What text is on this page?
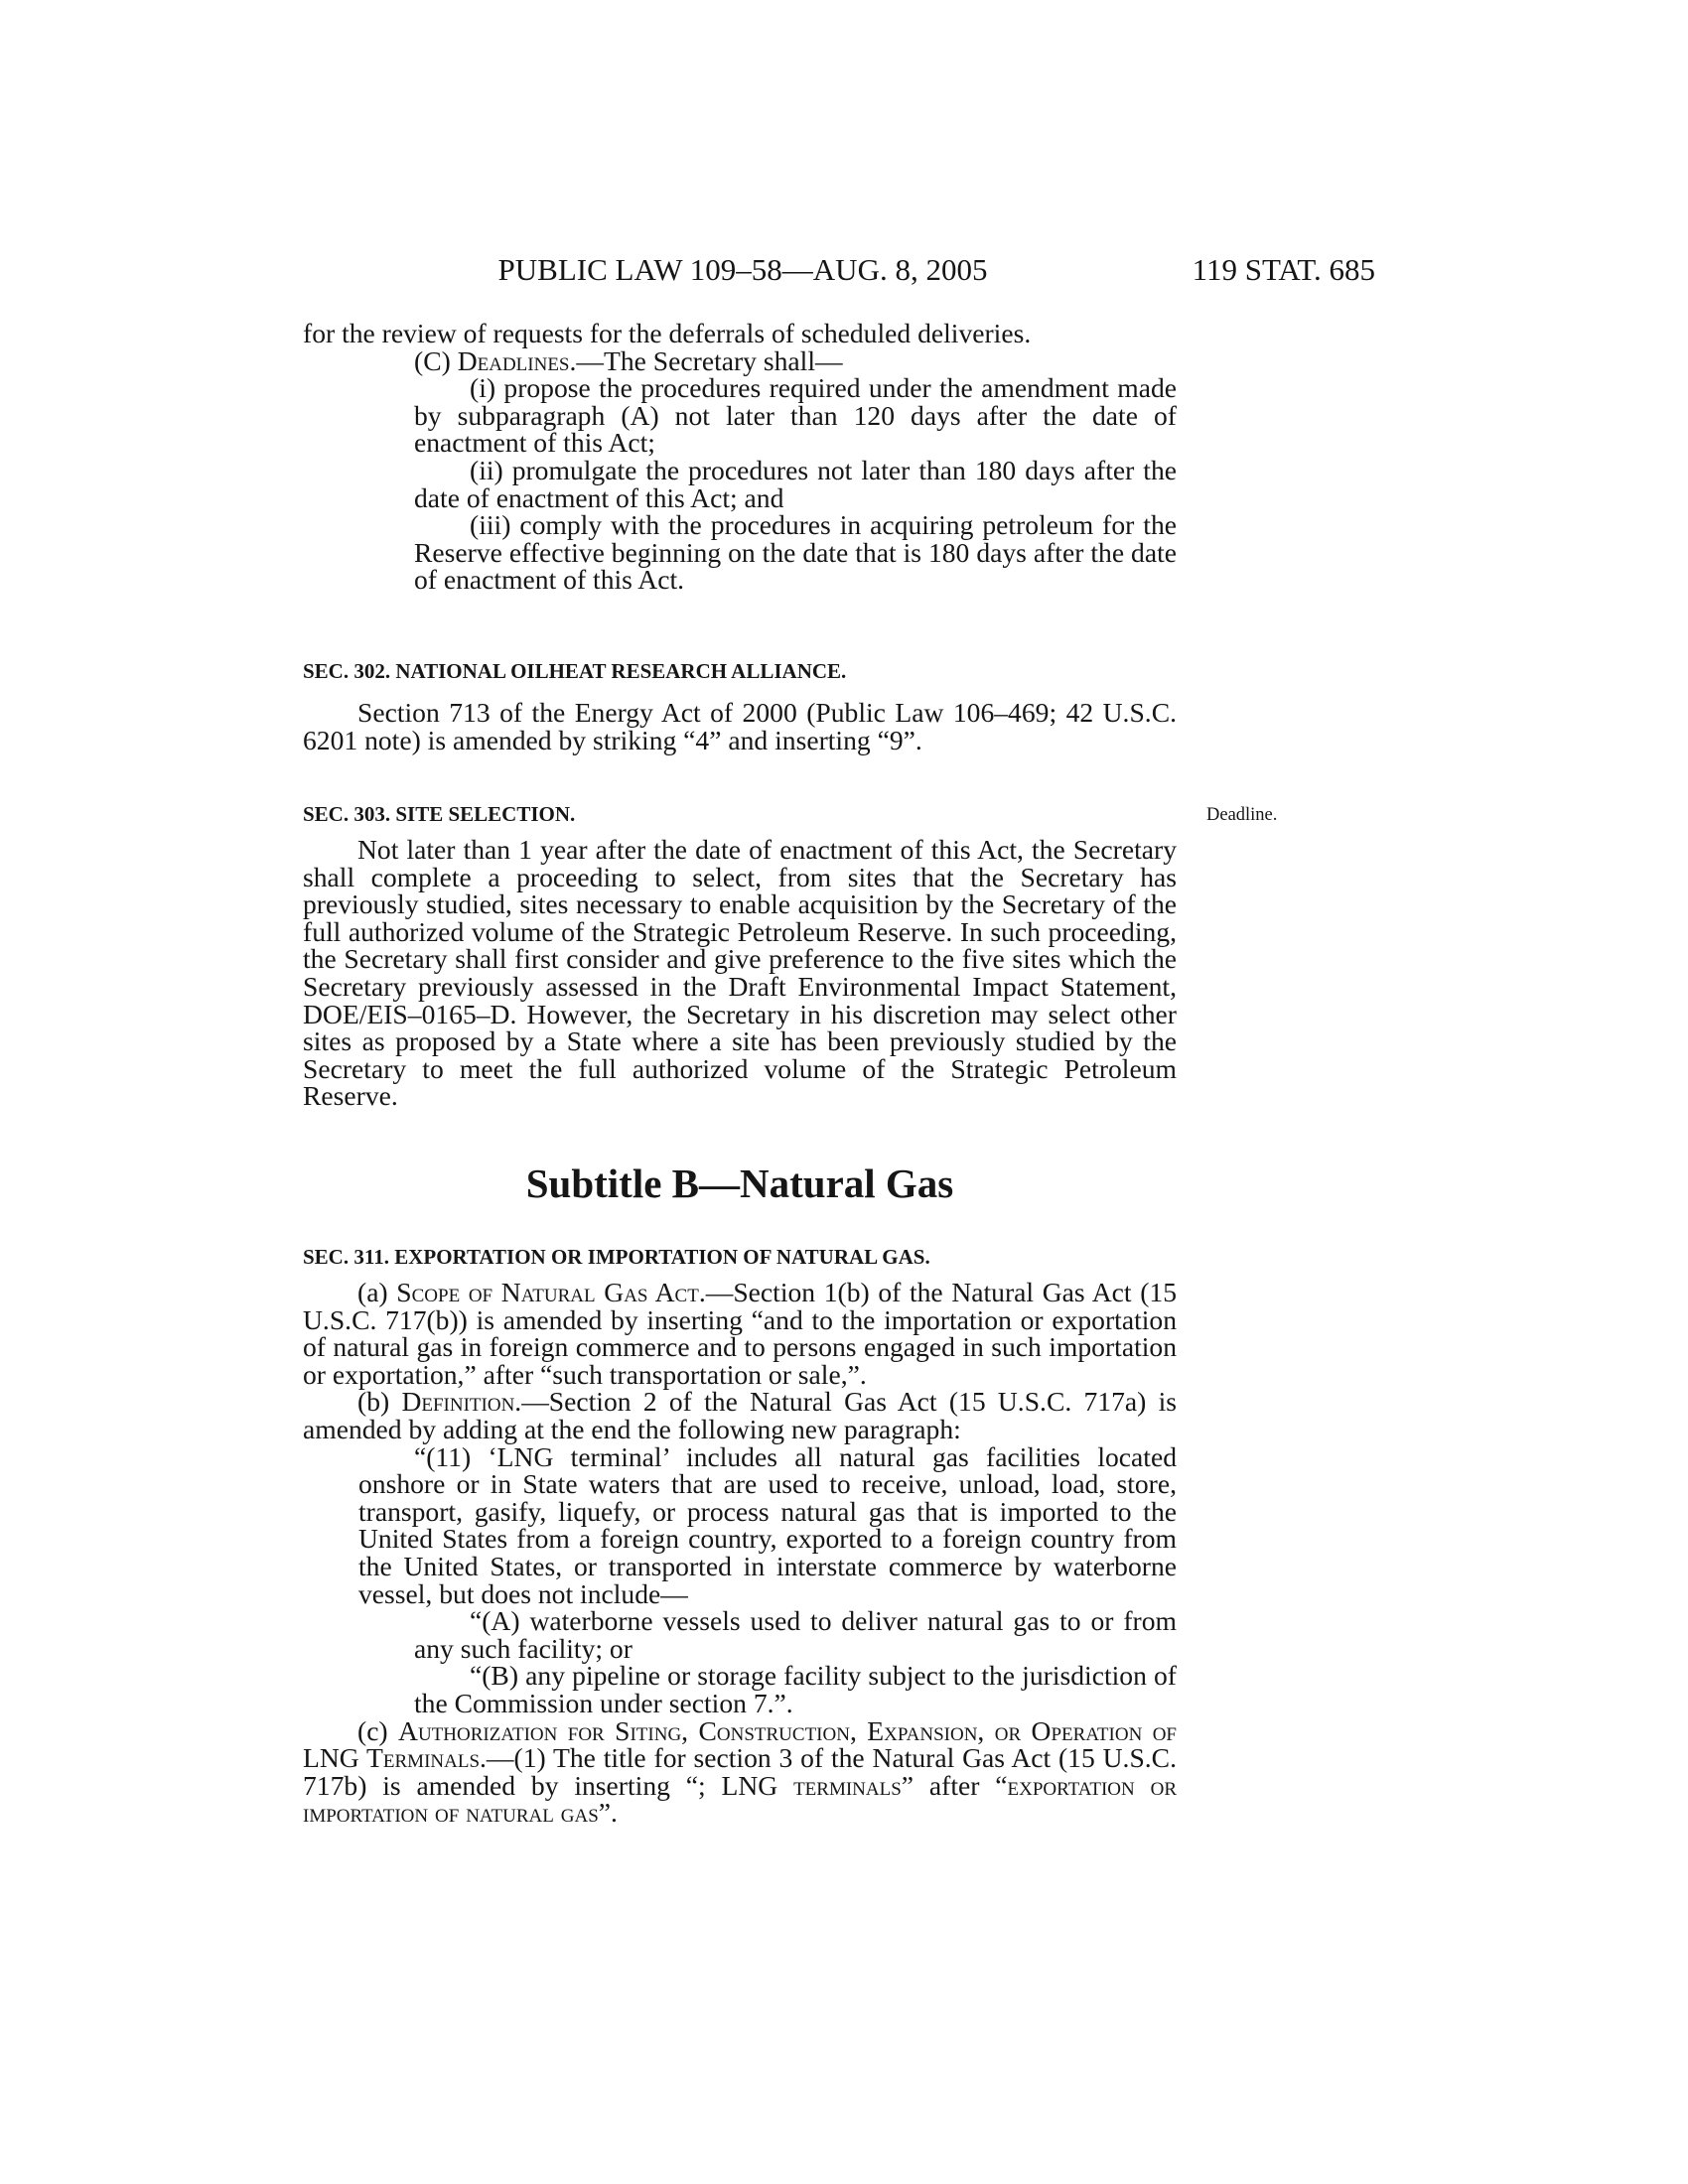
PUBLIC LAW 109–58—AUG. 8, 2005	119 STAT. 685

for the review of requests for the deferrals of scheduled deliveries.

(C) Deadlines.—The Secretary shall—

(i) propose the procedures required under the amendment made by subparagraph (A) not later than 120 days after the date of enactment of this Act;

(ii) promulgate the procedures not later than 180 days after the date of enactment of this Act; and

(iii) comply with the procedures in acquiring petroleum for the Reserve effective beginning on the date that is 180 days after the date of enactment of this Act.

SEC. 302. NATIONAL OILHEAT RESEARCH ALLIANCE.

Section 713 of the Energy Act of 2000 (Public Law 106–469; 42 U.S.C. 6201 note) is amended by striking “4” and inserting “9”.

SEC. 303. SITE SELECTION.	Deadline.

Not later than 1 year after the date of enactment of this Act, the Secretary shall complete a proceeding to select, from sites that the Secretary has previously studied, sites necessary to enable acquisition by the Secretary of the full authorized volume of the Strategic Petroleum Reserve. In such proceeding, the Secretary shall first consider and give preference to the five sites which the Secretary previously assessed in the Draft Environmental Impact Statement, DOE/EIS–0165–D. However, the Secretary in his discretion may select other sites as proposed by a State where a site has been previously studied by the Secretary to meet the full authorized volume of the Strategic Petroleum Reserve.

Subtitle B—Natural Gas

SEC. 311. EXPORTATION OR IMPORTATION OF NATURAL GAS.

(a) Scope of Natural Gas Act.—Section 1(b) of the Natural Gas Act (15 U.S.C. 717(b)) is amended by inserting “and to the importation or exportation of natural gas in foreign commerce and to persons engaged in such importation or exportation,” after “such transportation or sale,”.

(b) Definition.—Section 2 of the Natural Gas Act (15 U.S.C. 717a) is amended by adding at the end the following new paragraph:

“(11) ‘LNG terminal’ includes all natural gas facilities located onshore or in State waters that are used to receive, unload, load, store, transport, gasify, liquefy, or process natural gas that is imported to the United States from a foreign country, exported to a foreign country from the United States, or transported in interstate commerce by waterborne vessel, but does not include—

“(A) waterborne vessels used to deliver natural gas to or from any such facility; or

“(B) any pipeline or storage facility subject to the jurisdiction of the Commission under section 7.”.

(c) Authorization for Siting, Construction, Expansion, or Operation of LNG Terminals.—(1) The title for section 3 of the Natural Gas Act (15 U.S.C. 717b) is amended by inserting “; LNG terminals” after “exportation or importation of natural gas”.
